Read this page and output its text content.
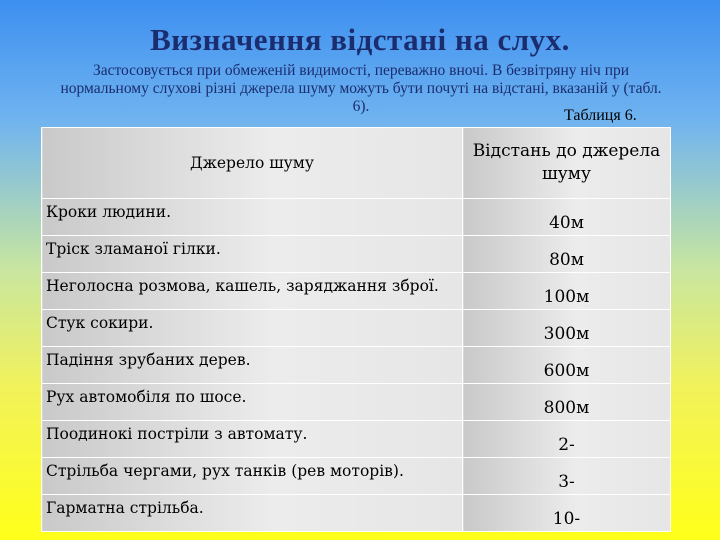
Визначення відстані на слух.
Застосовується при обмеженій видимості, переважно вночі. В безвітряну ніч при нормальному слухові різні джерела шуму можуть бути почуті на відстані, вказаній у (табл. 6).
Таблиця 6.
Джерело шуму	Відстань до джерела шуму
Кроки людини.	40м
Тріск зламаної гілки.	80м
Неголосна розмова, кашель, заряджання зброї.	100м
Стук сокири.	300м
Падіння зрубаних дерев.	600м
Рух автомобіля по шосе.	800м
Поодинокі постріли з автомату.	2-
Стрільба чергами, рух танків (рев моторів).	3-
Гарматна стрільба.	10-
